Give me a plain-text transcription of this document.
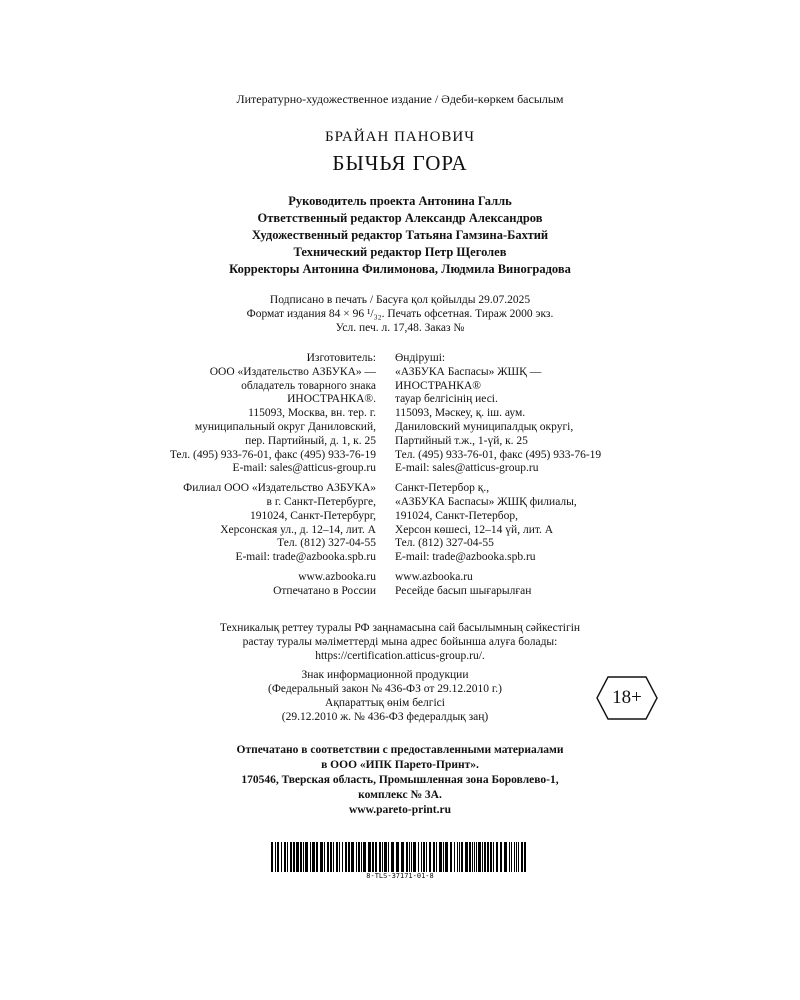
Литературно-художественное издание / Әдеби-көркем басылым
БРАЙАН ПАНОВИЧ
БЫЧЬЯ ГОРА
Руководитель проекта Антонина Галль
Ответственный редактор Александр Александров
Художественный редактор Татьяна Гамзина-Бахтий
Технический редактор Петр Щеголев
Корректоры Антонина Филимонова, Людмила Виноградова
Подписано в печать / Басуға қол қойылды 29.07.2025
Формат издания 84 × 96 ¹/₃₂. Печать офсетная. Тираж 2000 экз.
Усл. печ. л. 17,48. Заказ №
Изготовитель:
ООО «Издательство АЗБУКА» —
обладатель товарного знака
ИНОСТРАНКА®.
115093, Москва, вн. тер. г.
муниципальный округ Даниловский,
пер. Партийный, д. 1, к. 25
Тел. (495) 933-76-01, факс (495) 933-76-19
E-mail: sales@atticus-group.ru
Филиал ООО «Издательство АЗБУКА»
в г. Санкт-Петербурге,
191024, Санкт-Петербург,
Херсонская ул., д. 12–14, лит. А
Тел. (812) 327-04-55
E-mail: trade@azbooka.spb.ru
www.azbooka.ru
Отпечатано в России
Өндіруші:
«АЗБУКА Баспасы» ЖШҚ —
ИНОСТРАНКА®
тауар белгісінің иесі.
115093, Мәскеу, қ. іш. аум.
Даниловский муниципалдық округі,
Партийный т.ж., 1-үй, к. 25
Тел. (495) 933-76-01, факс (495) 933-76-19
E-mail: sales@atticus-group.ru
Санкт-Петербор қ.,
«АЗБУКА Баспасы» ЖШҚ филиалы,
191024, Санкт-Петербор,
Херсон көшесі, 12–14 үй, лит. А
Тел. (812) 327-04-55
E-mail: trade@azbooka.spb.ru
www.azbooka.ru
Ресейде басып шығарылған
Техникалық реттеу туралы РФ заңнамасына сай басылымның сәйкестігін
растау туралы мәліметтерді мына адрес бойынша алуға болады:
https://certification.atticus-group.ru/.
Знак информационной продукции
(Федеральный закон № 436-ФЗ от 29.12.2010 г.)
Ақпараттық өнім белгісі
(29.12.2010 ж. № 436-ФЗ федералдық заң)
18+
Отпечатано в соответствии с предоставленными материалами
в ООО «ИПК Парето-Принт».
170546, Тверская область, Промышленная зона Боровлево-1,
комплекс № 3А.
www.pareto-print.ru
8-TLS-37171-01-8
